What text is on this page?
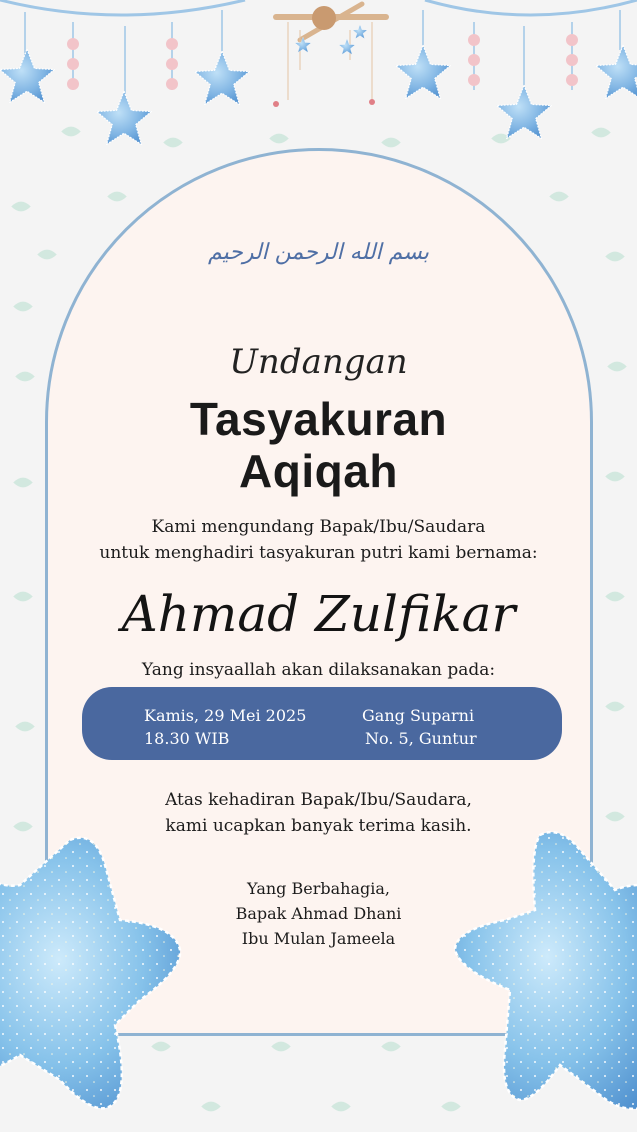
بسم الله الرحمن الرحيم
Undangan
Tasyakuran
Aqiqah
Kami mengundang Bapak/Ibu/Saudara
untuk menghadiri tasyakuran putri kami bernama:
Ahmad Zulfikar
Yang insyaallah akan dilaksanakan pada:
Kamis, 29 Mei 2025
18.30 WIB
Gang Suparni
No. 5, Guntur
Atas kehadiran Bapak/Ibu/Saudara,
kami ucapkan banyak terima kasih.
Yang Berbahagia,
Bapak Ahmad Dhani
Ibu Mulan Jameela
